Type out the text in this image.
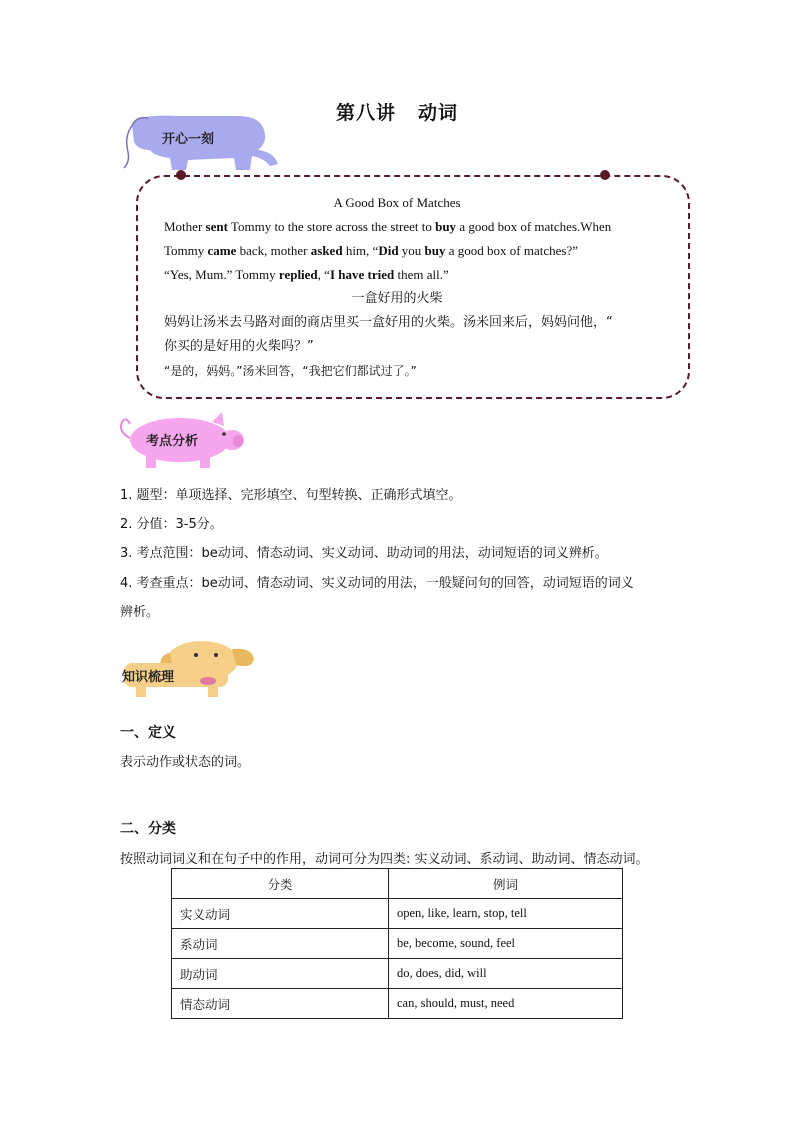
第八讲 动词
开心一刻
A Good Box of Matches
Mother sent Tommy to the store across the street to buy a good box of matches.When
Tommy came back, mother asked him, “Did you buy a good box of matches?”
“Yes, Mum.” Tommy replied, “I have tried them all.”
一盒好用的火柴
妈妈让汤米去马路对面的商店里买一盒好用的火柴。汤米回来后，妈妈问他，“
你买的是好用的火柴吗？”
“是的，妈妈。”汤米回答，“我把它们都试过了。”
考点分析
1. 题型：单项选择、完形填空、句型转换、正确形式填空。
2. 分值：3-5分。
3. 考点范围：be动词、情态动词、实义动词、助动词的用法，动词短语的词义辨析。
4. 考查重点：be动词、情态动词、实义动词的用法，一般疑问句的回答，动词短语的词义
辨析。
知识梳理
一、定义
表示动作或状态的词。
二、分类
按照动词词义和在句子中的作用，动词可分为四类: 实义动词、系动词、助动词、情态动词。
分类	例词
实义动词	open, like, learn, stop, tell
系动词	be, become, sound, feel
助动词	do, does, did, will
情态动词	can, should, must, need
